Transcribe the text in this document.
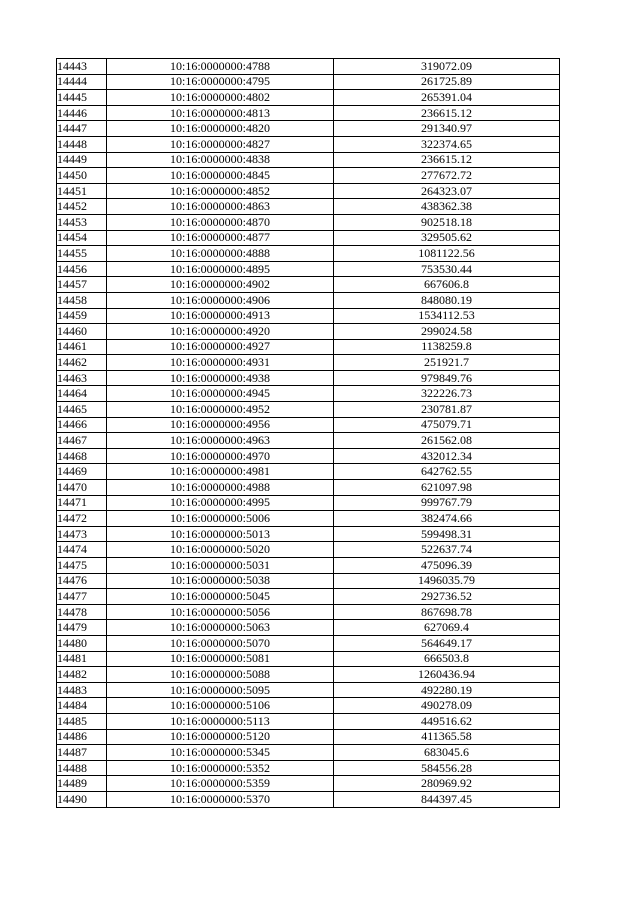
14443	10:16:0000000:4788	319072.09
14444	10:16:0000000:4795	261725.89
14445	10:16:0000000:4802	265391.04
14446	10:16:0000000:4813	236615.12
14447	10:16:0000000:4820	291340.97
14448	10:16:0000000:4827	322374.65
14449	10:16:0000000:4838	236615.12
14450	10:16:0000000:4845	277672.72
14451	10:16:0000000:4852	264323.07
14452	10:16:0000000:4863	438362.38
14453	10:16:0000000:4870	902518.18
14454	10:16:0000000:4877	329505.62
14455	10:16:0000000:4888	1081122.56
14456	10:16:0000000:4895	753530.44
14457	10:16:0000000:4902	667606.8
14458	10:16:0000000:4906	848080.19
14459	10:16:0000000:4913	1534112.53
14460	10:16:0000000:4920	299024.58
14461	10:16:0000000:4927	1138259.8
14462	10:16:0000000:4931	251921.7
14463	10:16:0000000:4938	979849.76
14464	10:16:0000000:4945	322226.73
14465	10:16:0000000:4952	230781.87
14466	10:16:0000000:4956	475079.71
14467	10:16:0000000:4963	261562.08
14468	10:16:0000000:4970	432012.34
14469	10:16:0000000:4981	642762.55
14470	10:16:0000000:4988	621097.98
14471	10:16:0000000:4995	999767.79
14472	10:16:0000000:5006	382474.66
14473	10:16:0000000:5013	599498.31
14474	10:16:0000000:5020	522637.74
14475	10:16:0000000:5031	475096.39
14476	10:16:0000000:5038	1496035.79
14477	10:16:0000000:5045	292736.52
14478	10:16:0000000:5056	867698.78
14479	10:16:0000000:5063	627069.4
14480	10:16:0000000:5070	564649.17
14481	10:16:0000000:5081	666503.8
14482	10:16:0000000:5088	1260436.94
14483	10:16:0000000:5095	492280.19
14484	10:16:0000000:5106	490278.09
14485	10:16:0000000:5113	449516.62
14486	10:16:0000000:5120	411365.58
14487	10:16:0000000:5345	683045.6
14488	10:16:0000000:5352	584556.28
14489	10:16:0000000:5359	280969.92
14490	10:16:0000000:5370	844397.45
